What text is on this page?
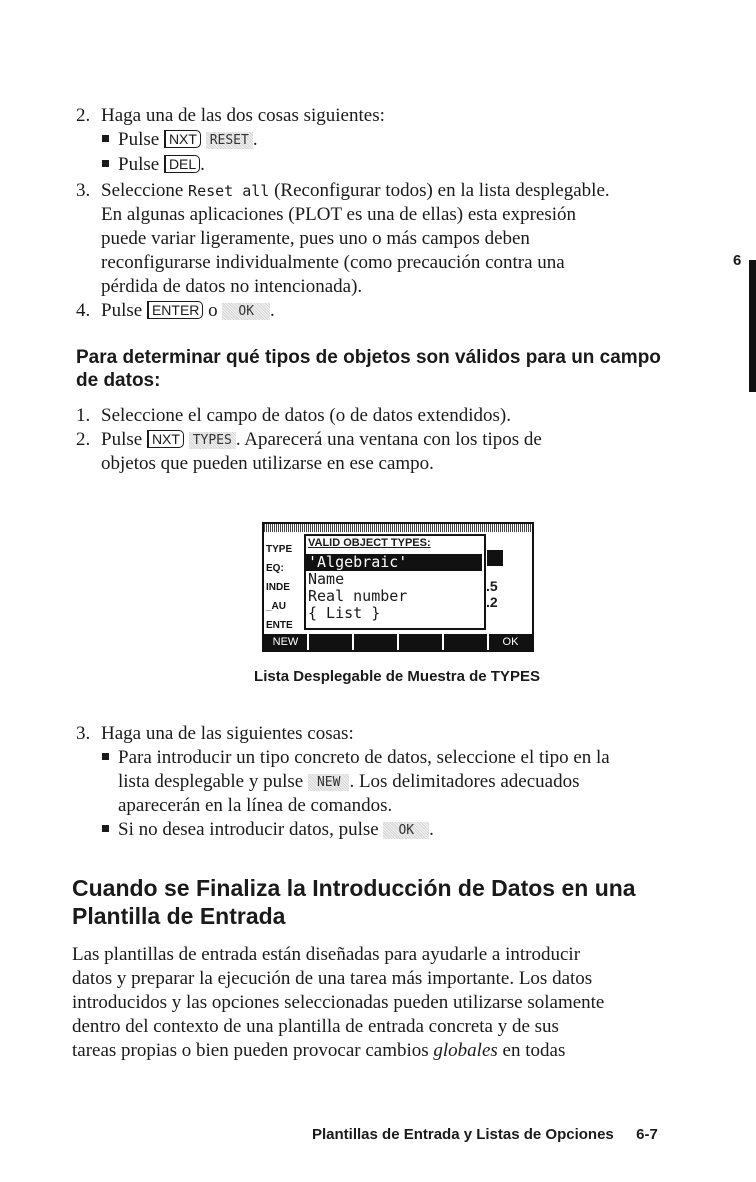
2. Haga una de las dos cosas siguientes:
Pulse NXT RESET .
Pulse DEL .
3. Seleccione Reset all (Reconfigurar todos) en la lista desplegable.
En algunas aplicaciones (PLOT es una de ellas) esta expresión
puede variar ligeramente, pues uno o más campos deben
reconfigurarse individualmente (como precaución contra una
pérdida de datos no intencionada).
4. Pulse ENTER o OK .
6
Para determinar qué tipos de objetos son válidos para un campo
de datos:
1. Seleccione el campo de datos (o de datos extendidos).
2. Pulse NXT TYPES . Aparecerá una ventana con los tipos de
objetos que pueden utilizarse en ese campo.
TYPE
EQ:
INDE
_AU
ENTE
VALID OBJECT TYPES:
'Algebraic'
Name
Real number
{ List }
.5
.2
NEW	OK
Lista Desplegable de Muestra de TYPES
3. Haga una de las siguientes cosas:
Para introducir un tipo concreto de datos, seleccione el tipo en la
lista desplegable y pulse NEW . Los delimitadores adecuados
aparecerán en la línea de comandos.
Si no desea introducir datos, pulse OK .
Cuando se Finaliza la Introducción de Datos en una
Plantilla de Entrada
Las plantillas de entrada están diseñadas para ayudarle a introducir
datos y preparar la ejecución de una tarea más importante. Los datos
introducidos y las opciones seleccionadas pueden utilizarse solamente
dentro del contexto de una plantilla de entrada concreta y de sus
tareas propias o bien pueden provocar cambios globales en todas
Plantillas de Entrada y Listas de Opciones 6-7
